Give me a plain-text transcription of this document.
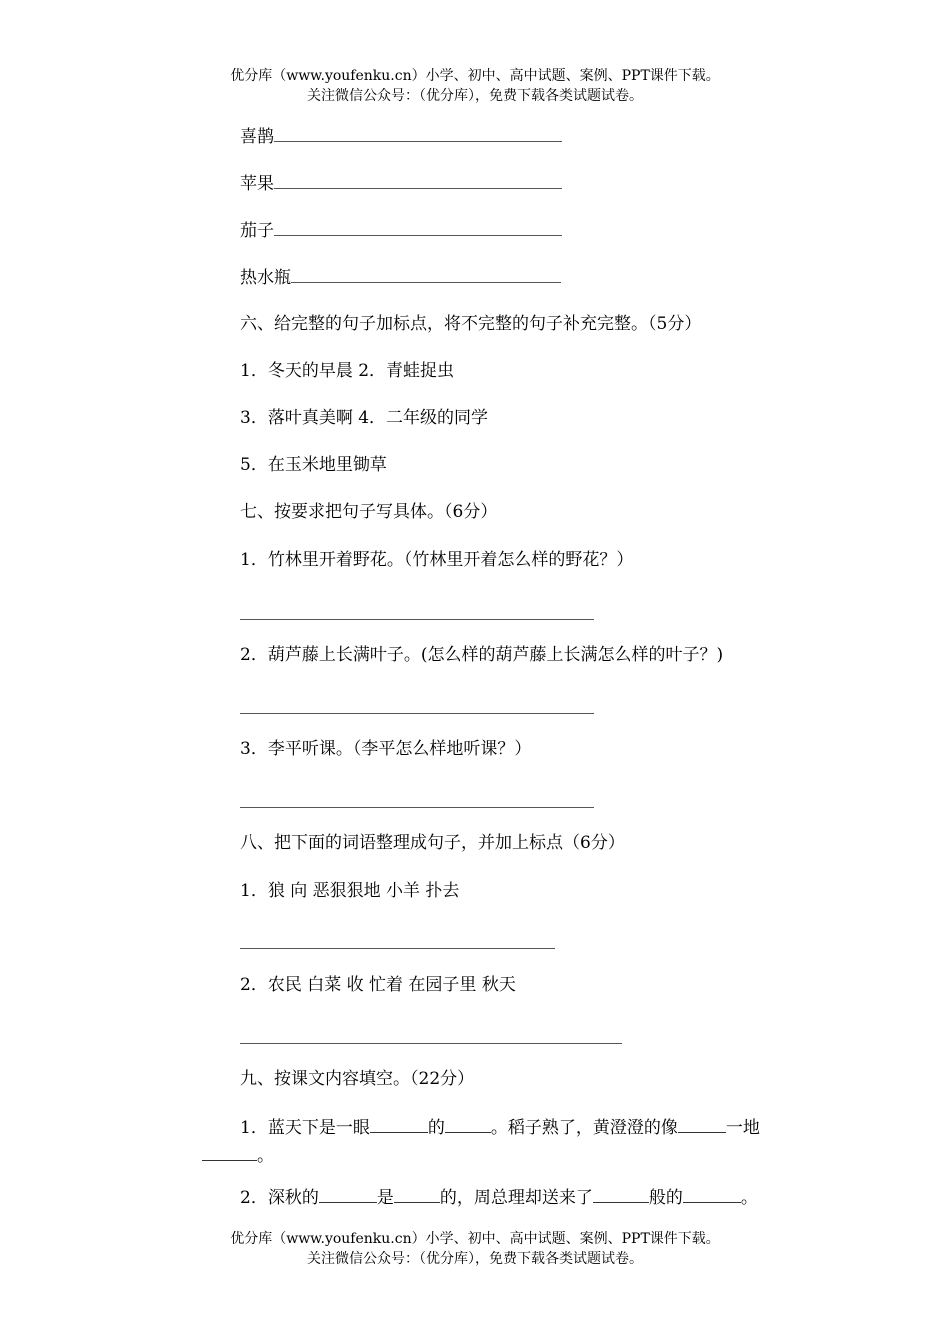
优分库（www.youfenku.cn）小学、初中、高中试题、案例、PPT课件下载。
关注微信公众号：（优分库），免费下载各类试题试卷。
喜鹊
苹果
茄子
热水瓶
六、给完整的句子加标点，将不完整的句子补充完整。（5分）
1．冬天的早晨 2．青蛙捉虫
3．落叶真美啊 4．二年级的同学
5．在玉米地里锄草
七、按要求把句子写具体。（6分）
1．竹林里开着野花。（竹林里开着怎么样的野花？）
2．葫芦藤上长满叶子。(怎么样的葫芦藤上长满怎么样的叶子？)
3．李平听课。（李平怎么样地听课？）
八、把下面的词语整理成句子，并加上标点（6分）
1．狼 向 恶狠狠地 小羊 扑去
2．农民 白菜 收 忙着 在园子里 秋天
九、按课文内容填空。（22分）
1．蓝天下是一眼	的	。稻子熟了，黄澄澄的像	一地
。
2．深秋的	是	的，周总理却送来了	般的	。
优分库（www.youfenku.cn）小学、初中、高中试题、案例、PPT课件下载。
关注微信公众号：（优分库），免费下载各类试题试卷。
